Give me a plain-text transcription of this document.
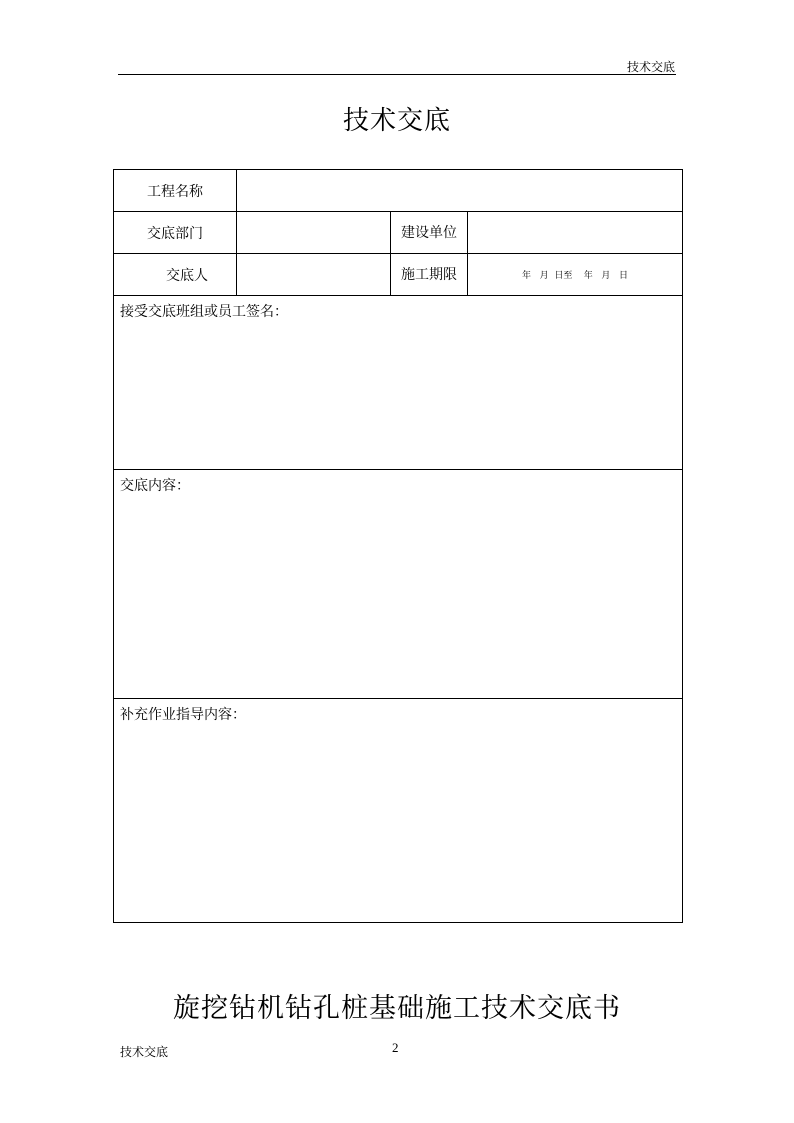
技术交底
技术交底
工程名称			
交底部门		建设单位	
交底人		施工期限	年   月  日至    年   月   日
接受交底班组或员工签名：			
交底内容：			
补充作业指导内容：			
旋挖钻机钻孔桩基础施工技术交底书
技术交底	2
